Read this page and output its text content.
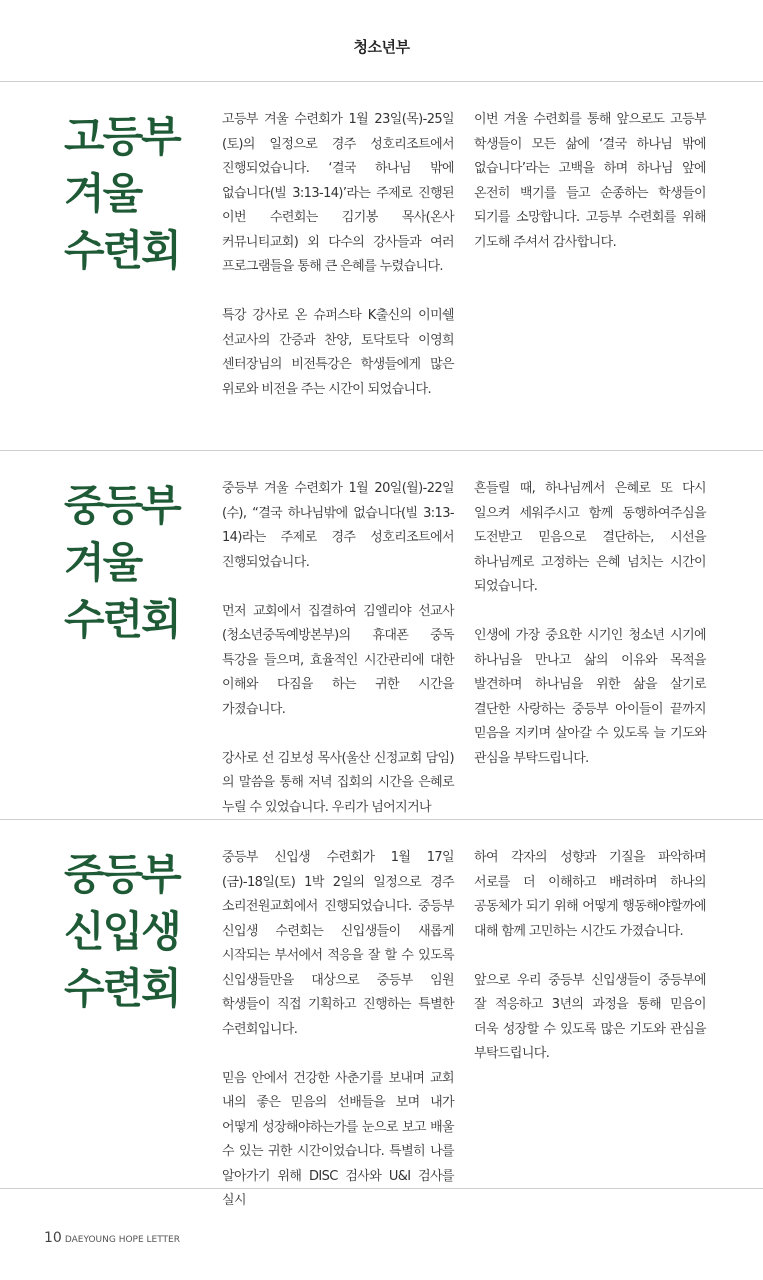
청소년부
고등부
겨울
수련회

고등부 겨울 수련회가 1월 23일(목)-25일(토)의 일정으로 경주 성호리조트에서 진행되었습니다. ‘결국 하나님 밖에 없습니다(빌 3:13-14)’라는 주제로 진행된 이번 수련회는 김기봉 목사(온사 커뮤니티교회) 외 다수의 강사들과 여러 프로그램들을 통해 큰 은혜를 누렸습니다.

특강 강사로 온 슈퍼스타 K출신의 이미쉘 선교사의 간증과 찬양, 토닥토닥 이영희 센터장님의 비전특강은 학생들에게 많은 위로와 비전을 주는 시간이 되었습니다.

이번 겨울 수련회를 통해 앞으로도 고등부 학생들이 모든 삶에 ‘결국 하나님 밖에 없습니다’라는 고백을 하며 하나님 앞에 온전히 백기를 들고 순종하는 학생들이 되기를 소망합니다. 고등부 수련회를 위해 기도해 주셔서 감사합니다.

중등부
겨울
수련회

중등부 겨울 수련회가 1월 20일(월)-22일(수), “결국 하나님밖에 없습니다(빌 3:13-14)라는 주제로 경주 성호리조트에서 진행되었습니다.

먼저 교회에서 집결하여 김엘리야 선교사(청소년중독예방본부)의 휴대폰 중독 특강을 들으며, 효율적인 시간관리에 대한 이해와 다짐을 하는 귀한 시간을 가졌습니다.

강사로 선 김보성 목사(울산 신정교회 담임)의 말씀을 통해 저녁 집회의 시간을 은혜로 누릴 수 있었습니다. 우리가 넘어지거나

흔들릴 때, 하나님께서 은혜로 또 다시 일으켜 세워주시고 함께 동행하여주심을 도전받고 믿음으로 결단하는, 시선을 하나님께로 고정하는 은혜 넘치는 시간이 되었습니다.

인생에 가장 중요한 시기인 청소년 시기에 하나님을 만나고 삶의 이유와 목적을 발견하며 하나님을 위한 삶을 살기로 결단한 사랑하는 중등부 아이들이 끝까지 믿음을 지키며 살아갈 수 있도록 늘 기도와 관심을 부탁드립니다.

중등부
신입생
수련회

중등부 신입생 수련회가 1월 17일(금)-18일(토) 1박 2일의 일정으로 경주 소리전원교회에서 진행되었습니다. 중등부 신입생 수련회는 신입생들이 새롭게 시작되는 부서에서 적응을 잘 할 수 있도록 신입생들만을 대상으로 중등부 임원 학생들이 직접 기획하고 진행하는 특별한 수련회입니다.

믿음 안에서 건강한 사춘기를 보내며 교회 내의 좋은 믿음의 선배들을 보며 내가 어떻게 성장해야하는가를 눈으로 보고 배울 수 있는 귀한 시간이었습니다. 특별히 나를 알아가기 위해 DISC 검사와 U&I 검사를 실시

하여 각자의 성향과 기질을 파악하며 서로를 더 이해하고 배려하며 하나의 공동체가 되기 위해 어떻게 행동해야할까에 대해 함께 고민하는 시간도 가졌습니다.

앞으로 우리 중등부 신입생들이 중등부에 잘 적응하고 3년의 과정을 통해 믿음이 더욱 성장할 수 있도록 많은 기도와 관심을 부탁드립니다.

10 DAEYOUNG HOPE LETTER
